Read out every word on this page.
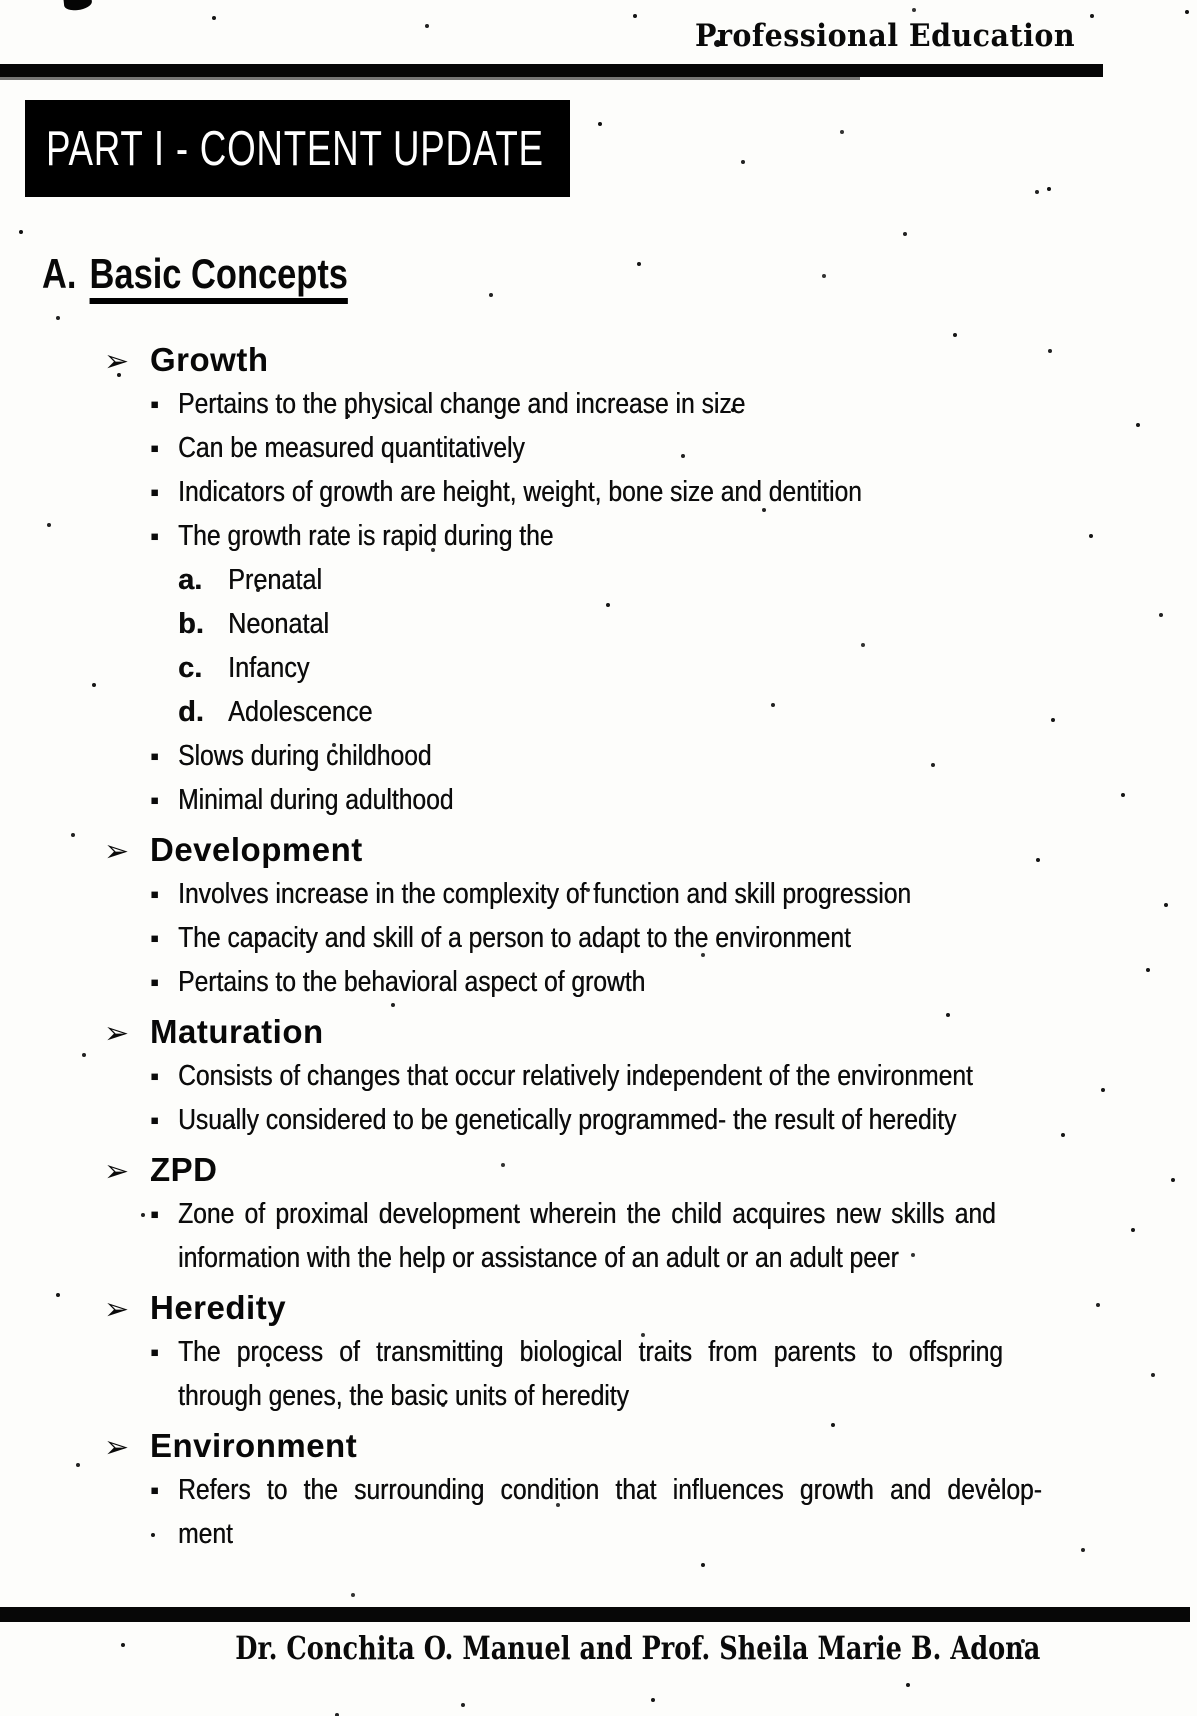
Professional Education
PART I - CONTENT UPDATE
A. Basic Concepts
➢ Growth
▪ Pertains to the physical change and increase in size
▪ Can be measured quantitatively
▪ Indicators of growth are height, weight, bone size and dentition
▪ The growth rate is rapid during the
a. Prenatal
b. Neonatal
c. Infancy
d. Adolescence
▪ Slows during childhood
▪ Minimal during adulthood
➢ Development
▪ Involves increase in the complexity of function and skill progression
▪ The capacity and skill of a person to adapt to the environment
▪ Pertains to the behavioral aspect of growth
➢ Maturation
▪ Consists of changes that occur relatively independent of the environment
▪ Usually considered to be genetically programmed- the result of heredity
➢ ZPD
▪ Zone of proximal development wherein the child acquires new skills and
information with the help or assistance of an adult or an adult peer
➢ Heredity
▪ The process of transmitting biological traits from parents to offspring
through genes, the basic units of heredity
➢ Environment
▪ Refers to the surrounding condition that influences growth and develop-
ment
Dr. Conchita O. Manuel and Prof. Sheila Marie B. Adona
